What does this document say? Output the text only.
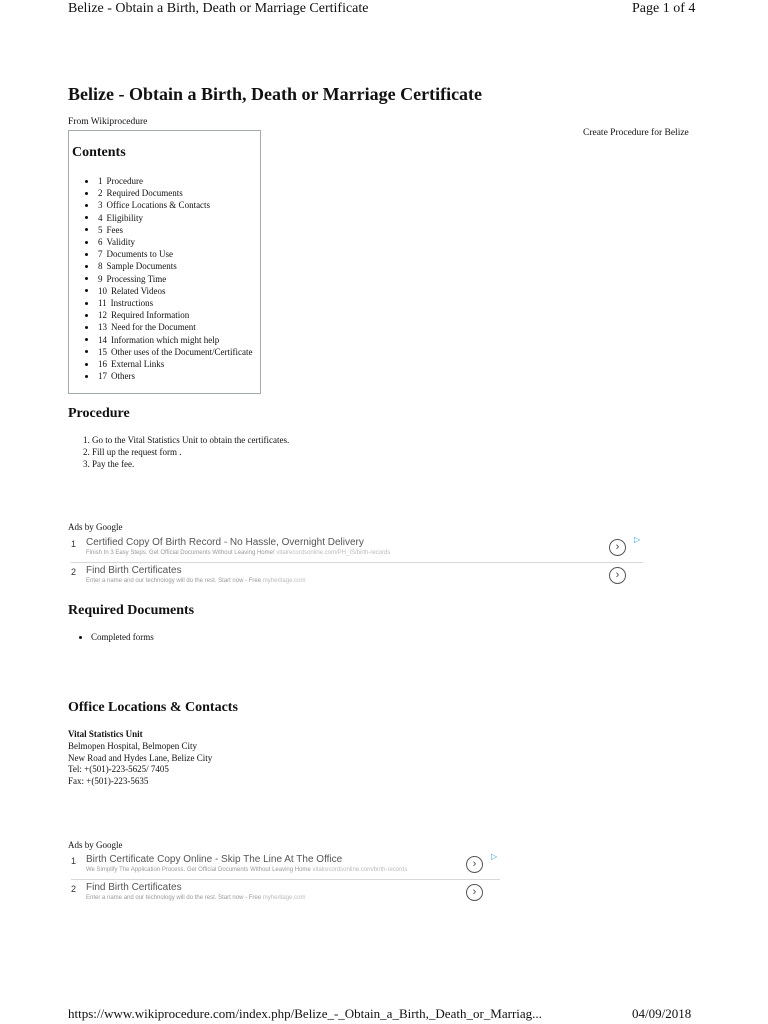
Belize - Obtain a Birth, Death or Marriage Certificate	Page 1 of 4
Belize - Obtain a Birth, Death or Marriage Certificate
From Wikiprocedure
Create Procedure for Belize
Contents
1 Procedure
2 Required Documents
3 Office Locations & Contacts
4 Eligibility
5 Fees
6 Validity
7 Documents to Use
8 Sample Documents
9 Processing Time
10 Related Videos
11 Instructions
12 Required Information
13 Need for the Document
14 Information which might help
15 Other uses of the Document/Certificate
16 External Links
17 Others
Procedure
1. Go to the Vital Statistics Unit to obtain the certificates.
2. Fill up the request form .
3. Pay the fee.
Ads by Google
▷
1 Certified Copy Of Birth Record - No Hassle, Overnight Delivery
Finish In 3 Easy Steps. Get Official Documents Without Leaving Home! vitalrecordsonline.com/PH_IS/birth-records	›
2 Find Birth Certificates
Enter a name and our technology will do the rest. Start now - Free myheritage.com	›
Required Documents
• Completed forms
Office Locations & Contacts
Vital Statistics Unit
Belmopen Hospital, Belmopen City
New Road and Hydes Lane, Belize City
Tel: +(501)-223-5625/ 7405
Fax: +(501)-223-5635
Ads by Google
▷
1 Birth Certificate Copy Online - Skip The Line At The Office
We Simplify The Application Process. Get Official Documents Without Leaving Home vitalrecordsonline.com/birth-records	›
2 Find Birth Certificates
Enter a name and our technology will do the rest. Start now - Free myheritage.com	›
https://www.wikiprocedure.com/index.php/Belize_-_Obtain_a_Birth,_Death_or_Marriag...	04/09/2018
